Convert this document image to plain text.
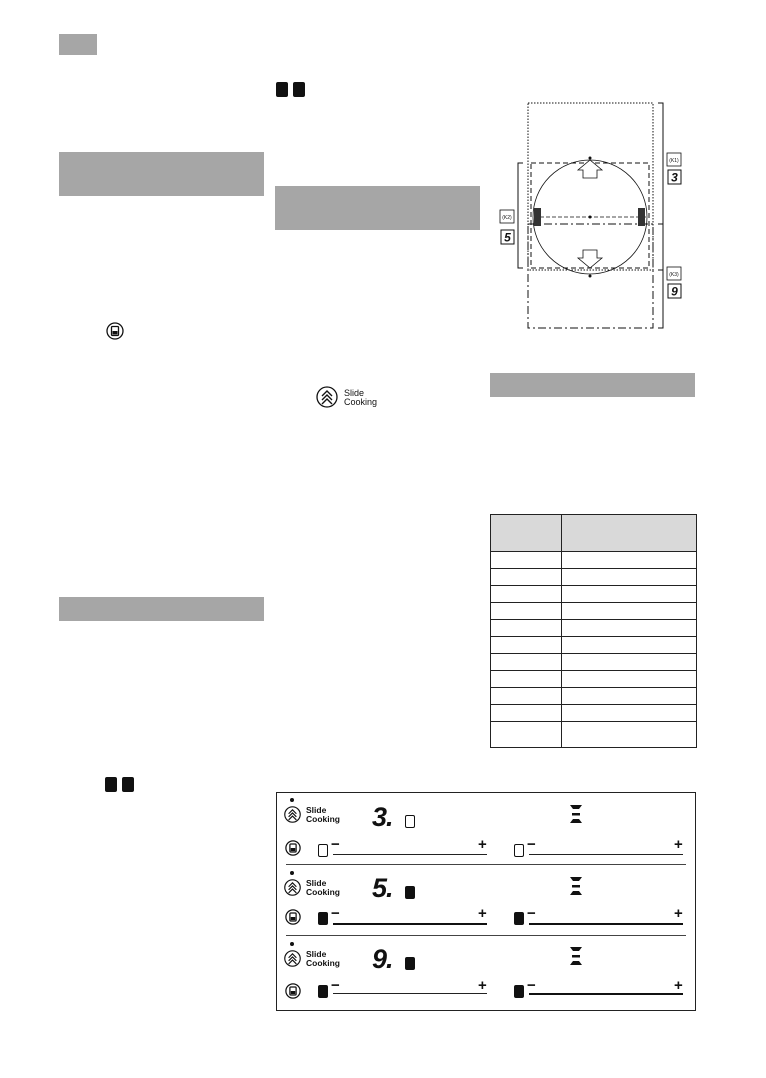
Slide
Cooking
3
5
9
(K1)
(K2)
(K3)

Slide
Cooking 3.
−	+	−	+
Slide
Cooking 5.
−	+	−	+
Slide
Cooking 9.
−	+	−	+
